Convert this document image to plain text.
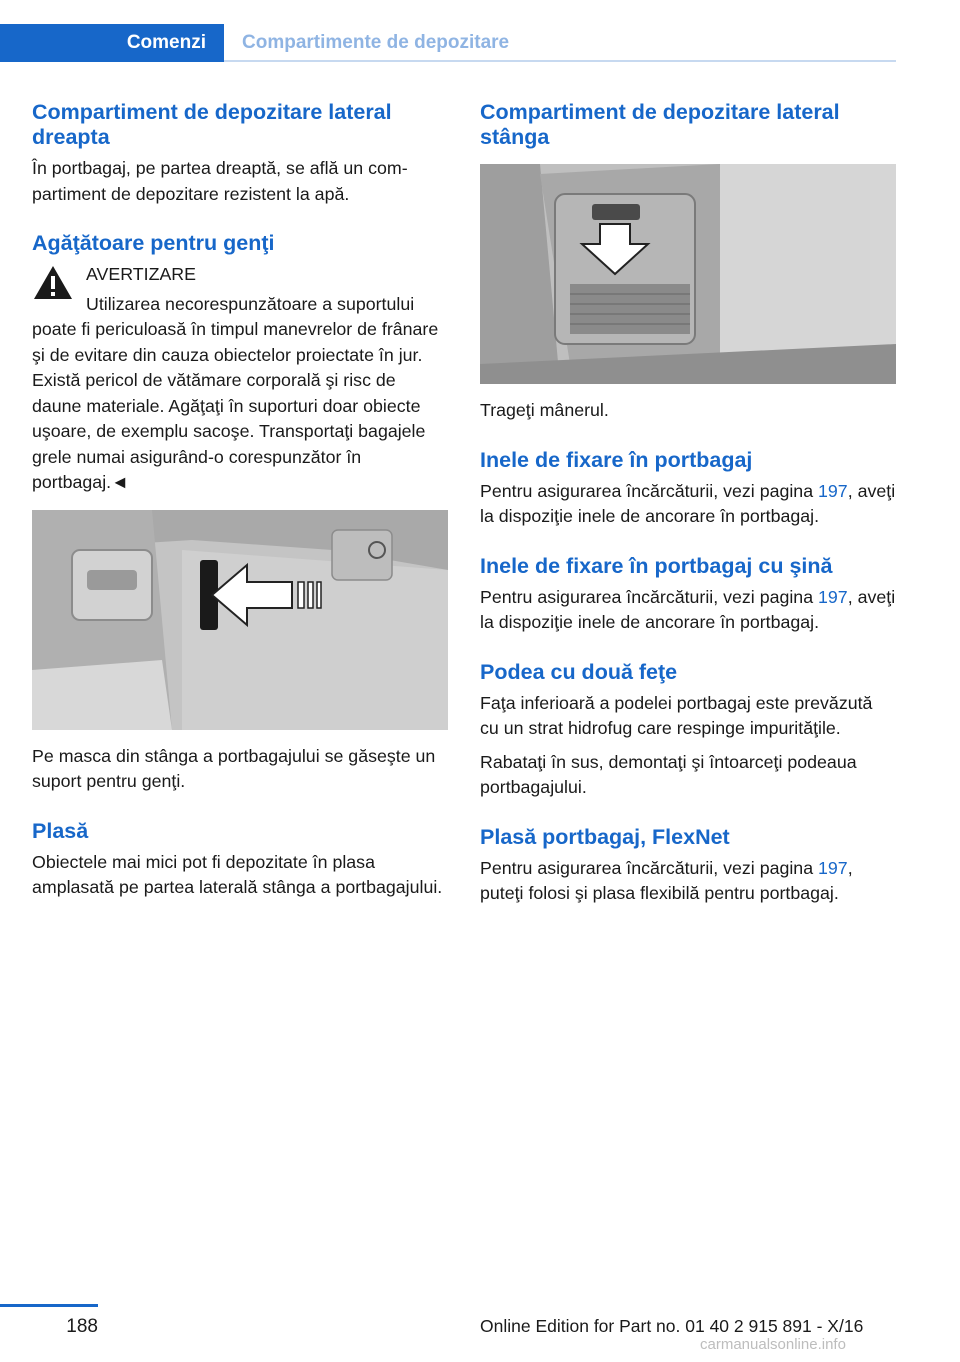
Comenzi	Compartimente de depozitare
Compartiment de depozitare lateral dreapta

În portbagaj, pe partea dreaptă, se află un compartiment de depozitare rezistent la apă.

Agăţătoare pentru genţi

AVERTIZARE

Utilizarea necorespunzătoare a suportului poate fi periculoasă în timpul manevrelor de frânare şi de evitare din cauza obiectelor proiectate în jur. Există pericol de vătămare corporală şi risc de daune materiale. Agăţaţi în suporturi doar obiecte uşoare, de exemplu sacoşe. Transportaţi bagajele grele numai asigurând-o corespunzător în portbagaj.◄

Pe masca din stânga a portbagajului se găseşte un suport pentru genţi.

Plasă

Obiectele mai mici pot fi depozitate în plasa amplasată pe partea laterală stânga a portbagajului.

Compartiment de depozitare lateral stânga

Trageţi mânerul.

Inele de fixare în portbagaj

Pentru asigurarea încărcăturii, vezi pagina 197, aveţi la dispoziţie inele de ancorare în portbagaj.

Inele de fixare în portbagaj cu şină

Pentru asigurarea încărcăturii, vezi pagina 197, aveţi la dispoziţie inele de ancorare în portbagaj.

Podea cu două feţe

Faţa inferioară a podelei portbagaj este prevăzută cu un strat hidrofug care respinge impurităţile.

Rabataţi în sus, demontaţi şi întoarceţi podeaua portbagajului.

Plasă portbagaj, FlexNet

Pentru asigurarea încărcăturii, vezi pagina 197, puteţi folosi şi plasa flexibilă pentru portbagaj.

188	Online Edition for Part no. 01 40 2 915 891 - X/16
carmanualsonline.info
